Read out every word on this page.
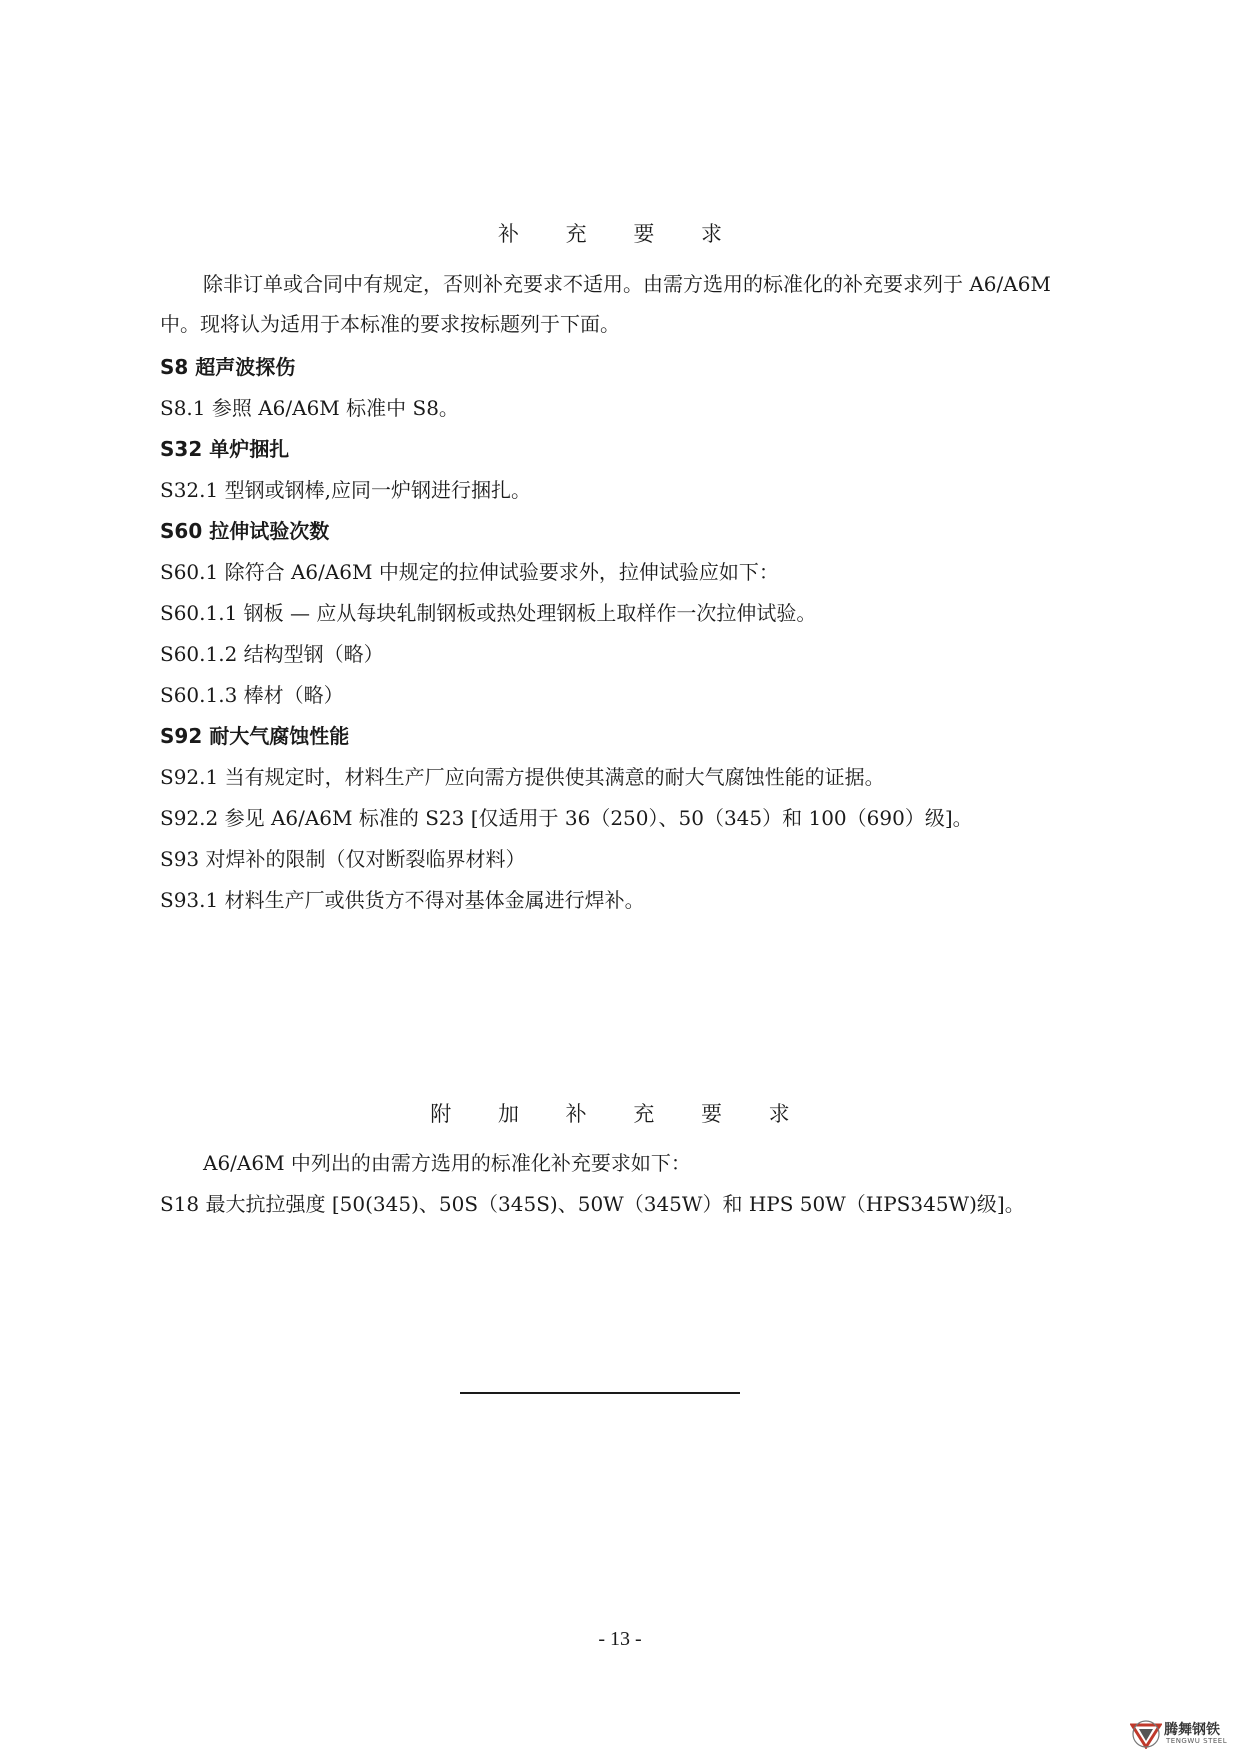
补 充 要 求
除非订单或合同中有规定，否则补充要求不适用。由需方选用的标准化的补充要求列于 A6/A6M
中。现将认为适用于本标准的要求按标题列于下面。
S8 超声波探伤
S8.1 参照 A6/A6M 标准中 S8。
S32 单炉捆扎
S32.1 型钢或钢棒,应同一炉钢进行捆扎。
S60 拉伸试验次数
S60.1 除符合 A6/A6M 中规定的拉伸试验要求外，拉伸试验应如下：
S60.1.1 钢板 — 应从每块轧制钢板或热处理钢板上取样作一次拉伸试验。
S60.1.2 结构型钢（略）
S60.1.3 棒材（略）
S92 耐大气腐蚀性能
S92.1 当有规定时，材料生产厂应向需方提供使其满意的耐大气腐蚀性能的证据。
S92.2 参见 A6/A6M 标准的 S23 [仅适用于 36（250）、50（345）和 100（690）级]。
S93 对焊补的限制（仅对断裂临界材料）
S93.1 材料生产厂或供货方不得对基体金属进行焊补。
附 加 补 充 要 求
A6/A6M 中列出的由需方选用的标准化补充要求如下：
S18 最大抗拉强度 [50(345)、50S（345S)、50W（345W）和 HPS 50W（HPS345W)级]。
- 13 -
腾舞钢铁
TENGWU STEEL
